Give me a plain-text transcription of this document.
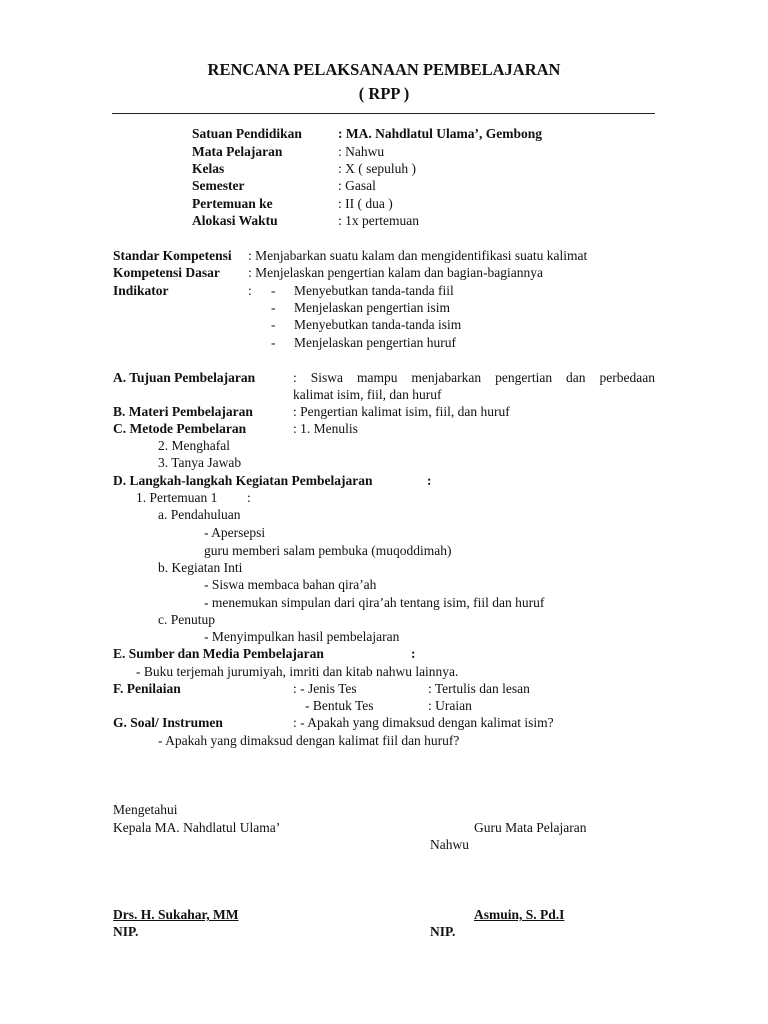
RENCANA PELAKSANAAN PEMBELAJARAN
( RPP )
Satuan Pendidikan	: MA. Nahdlatul Ulama’, Gembong
Mata Pelajaran	: Nahwu
Kelas	: X ( sepuluh )
Semester	: Gasal
Pertemuan ke	: II ( dua )
Alokasi Waktu	: 1x pertemuan
Standar Kompetensi : Menjabarkan suatu kalam dan mengidentifikasi suatu kalimat
Kompetensi Dasar : Menjelaskan pengertian kalam dan bagian-bagiannya
Indikator	: - Menyebutkan tanda-tanda fiil
- Menjelaskan pengertian isim
- Menyebutkan tanda-tanda isim
- Menjelaskan pengertian huruf
A. Tujuan Pembelajaran	: Siswa mampu menjabarkan pengertian dan perbedaan
kalimat isim, fiil, dan huruf
B. Materi Pembelajaran	: Pengertian kalimat isim, fiil, dan huruf
C. Metode Pembelaran	: 1. Menulis
2. Menghafal
3. Tanya Jawab
D. Langkah-langkah Kegiatan Pembelajaran	:
1. Pertemuan 1 :
a. Pendahuluan
- Apersepsi
guru memberi salam pembuka (muqoddimah)
b. Kegiatan Inti
- Siswa membaca bahan qira’ah
- menemukan simpulan dari qira’ah tentang isim, fiil dan huruf
c. Penutup
- Menyimpulkan hasil pembelajaran
E. Sumber dan Media Pembelajaran	:
- Buku terjemah jurumiyah, imriti dan kitab nahwu lainnya.
F. Penilaian	: - Jenis Tes	: Tertulis dan lesan
- Bentuk Tes	: Uraian
G. Soal/ Instrumen	: - Apakah yang dimaksud dengan kalimat isim?
- Apakah yang dimaksud dengan kalimat fiil dan huruf?
Mengetahui
Kepala MA. Nahdlatul Ulama’	Guru Mata Pelajaran
Nahwu
Drs. H. Sukahar, MM	Asmuin, S. Pd.I
NIP.	NIP.
